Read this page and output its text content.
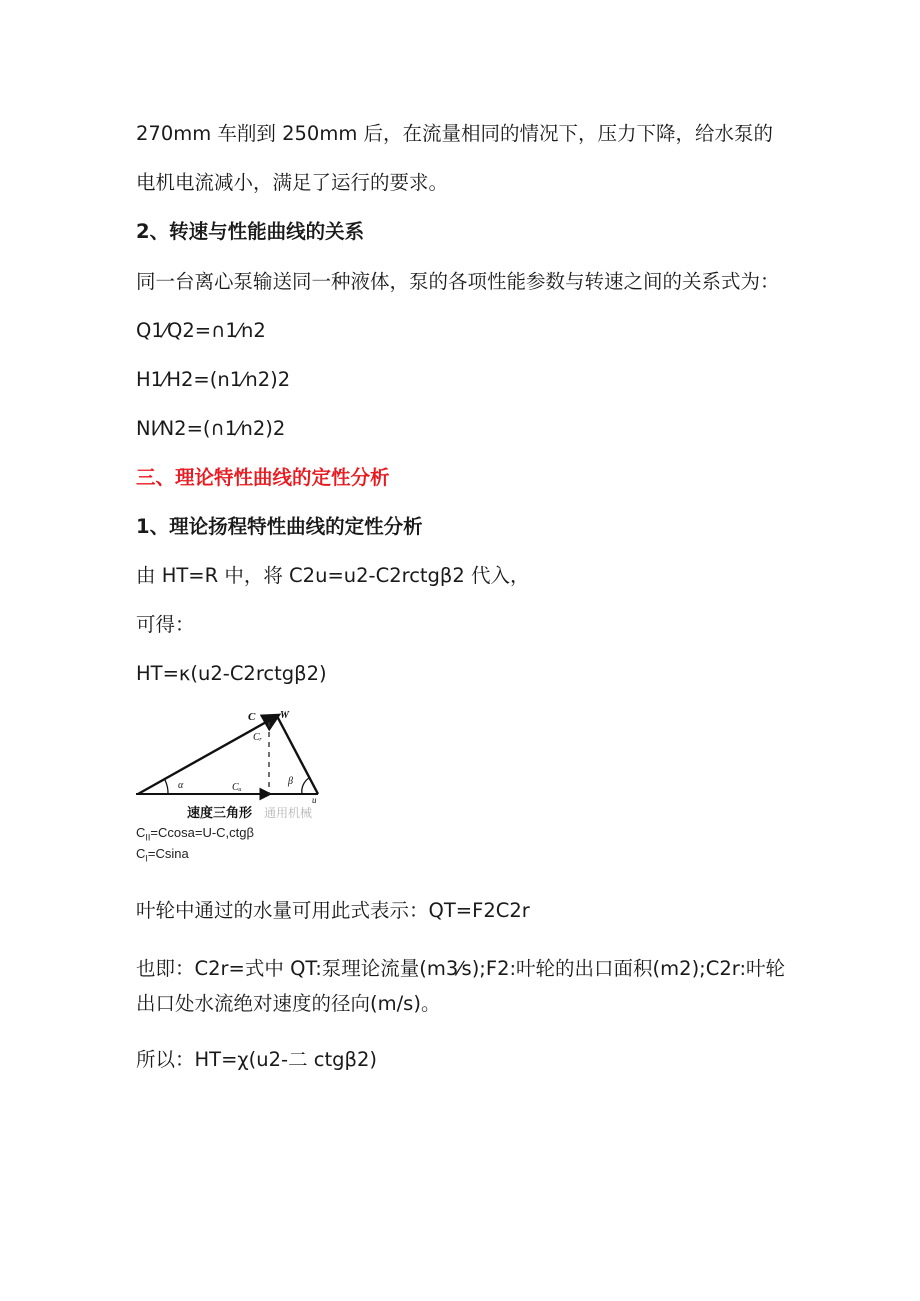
270mm 车削到 250mm 后，在流量相同的情况下，压力下降，给水泵的

电机电流减小，满足了运行的要求。

2、转速与性能曲线的关系

同一台离心泵输送同一种液体，泵的各项性能参数与转速之间的关系式为：

Q1⁄Q2=∩1⁄n2

H1⁄H2=(n1⁄n2)2

NI⁄N2=(∩1⁄n2)2

三、理论特性曲线的定性分析

1、理论扬程特性曲线的定性分析

由 HT=R 中，将 C2u=u2-C2rctgβ2 代入，

可得：

HT=κ(u2-C2rctgβ2)

C W
Cᵣ
Cᵤ
α	β
u
速度三角形 通用机械

$C_{II}=Ccosa=U-C,ctg\beta$

$C_I=Csina$

叶轮中通过的水量可用此式表示：QT=F2C2r

也即：C2r=式中 QT:泵理论流量(m3⁄s);F2:叶轮的出口面积(m2);C2r:叶轮

出口处水流绝对速度的径向(m/s)。

所以：HT=χ(u2-二 ctgβ2)
